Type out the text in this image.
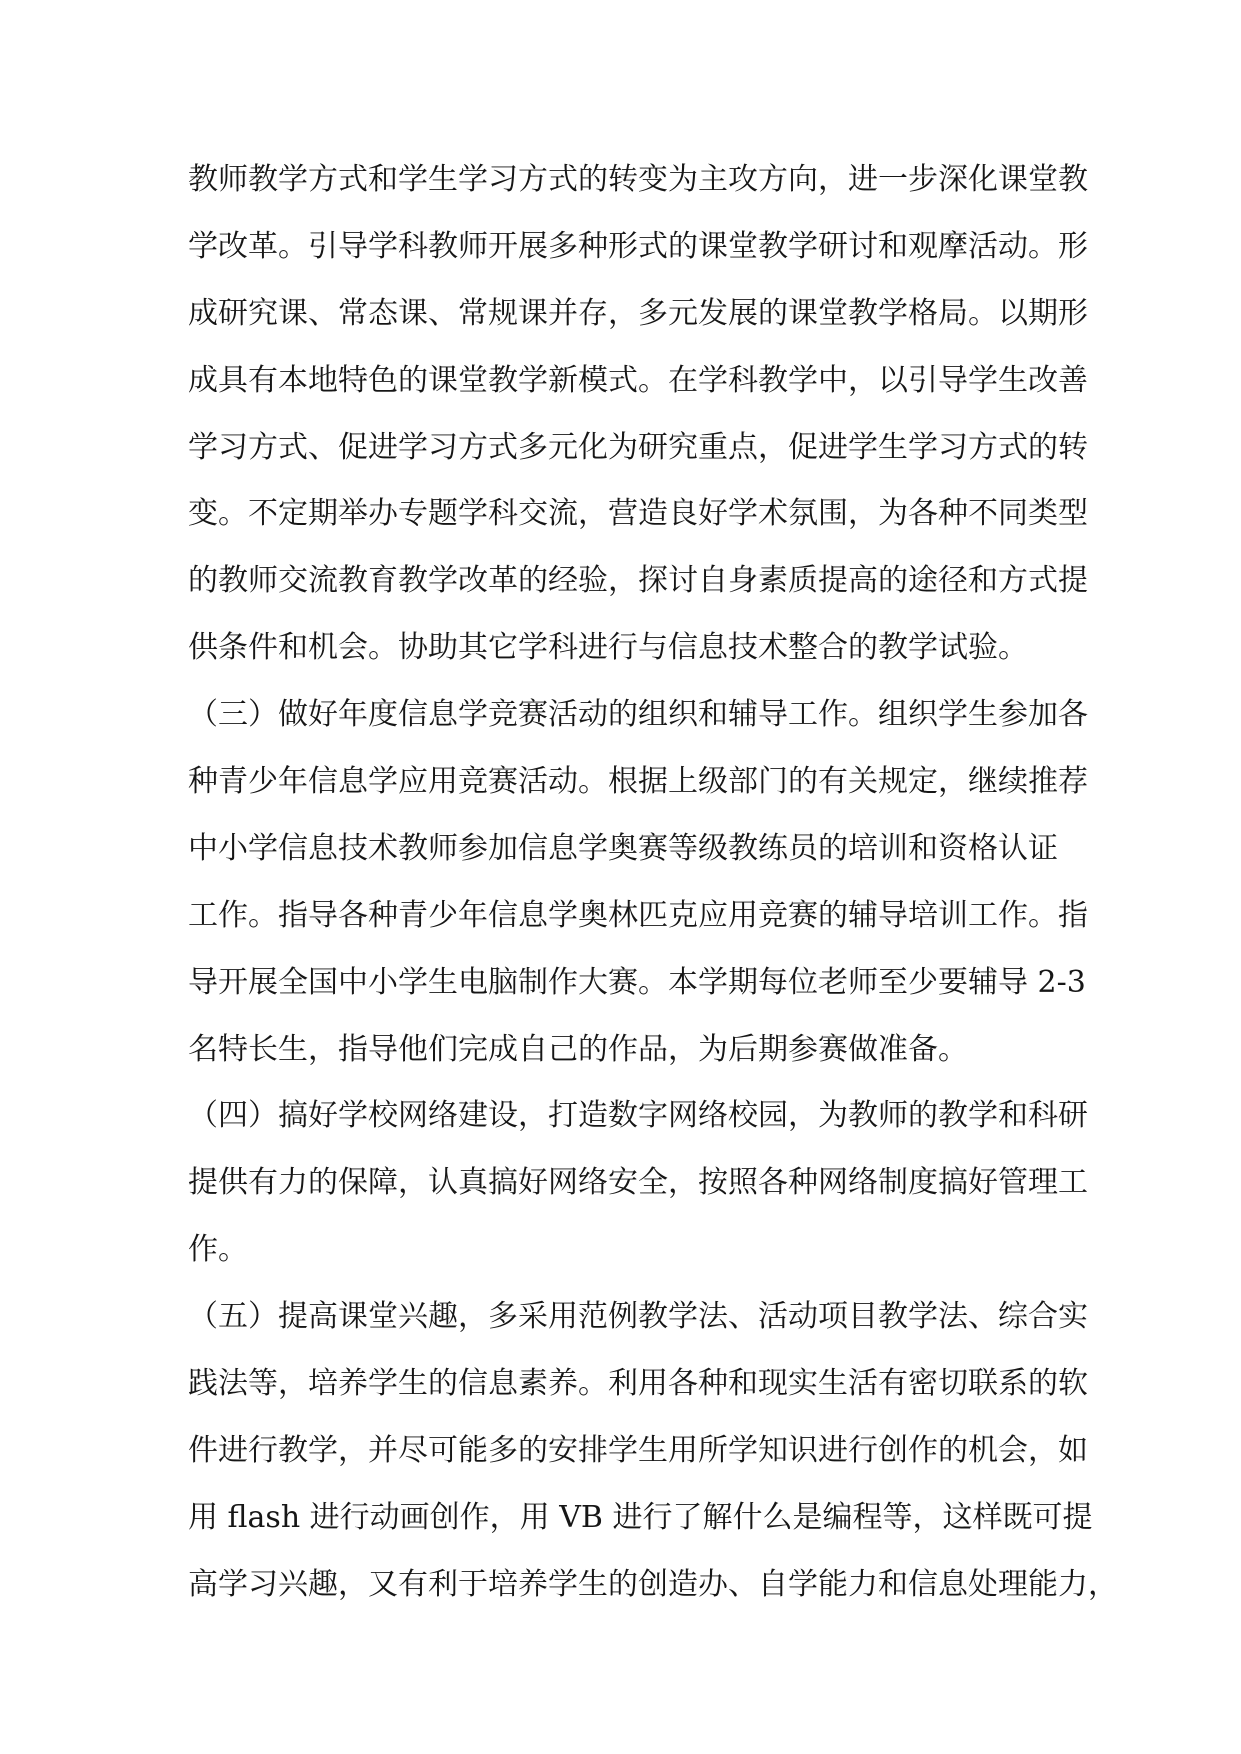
教师教学方式和学生学习方式的转变为主攻方向，进一步深化课堂教
学改革。引导学科教师开展多种形式的课堂教学研讨和观摩活动。形
成研究课、常态课、常规课并存，多元发展的课堂教学格局。以期形
成具有本地特色的课堂教学新模式。在学科教学中，以引导学生改善
学习方式、促进学习方式多元化为研究重点，促进学生学习方式的转
变。不定期举办专题学科交流，营造良好学术氛围，为各种不同类型
的教师交流教育教学改革的经验，探讨自身素质提高的途径和方式提
供条件和机会。协助其它学科进行与信息技术整合的教学试验。
（三）做好年度信息学竞赛活动的组织和辅导工作。组织学生参加各
种青少年信息学应用竞赛活动。根据上级部门的有关规定，继续推荐
中小学信息技术教师参加信息学奥赛等级教练员的培训和资格认证
工作。指导各种青少年信息学奥林匹克应用竞赛的辅导培训工作。指
导开展全国中小学生电脑制作大赛。本学期每位老师至少要辅导 2-3
名特长生，指导他们完成自己的作品，为后期参赛做准备。
（四）搞好学校网络建设，打造数字网络校园，为教师的教学和科研
提供有力的保障，认真搞好网络安全，按照各种网络制度搞好管理工
作。
（五）提高课堂兴趣，多采用范例教学法、活动项目教学法、综合实
践法等，培养学生的信息素养。利用各种和现实生活有密切联系的软
件进行教学，并尽可能多的安排学生用所学知识进行创作的机会，如
用 flash 进行动画创作，用 VB 进行了解什么是编程等，这样既可提
高学习兴趣，又有利于培养学生的创造办、自学能力和信息处理能力，
